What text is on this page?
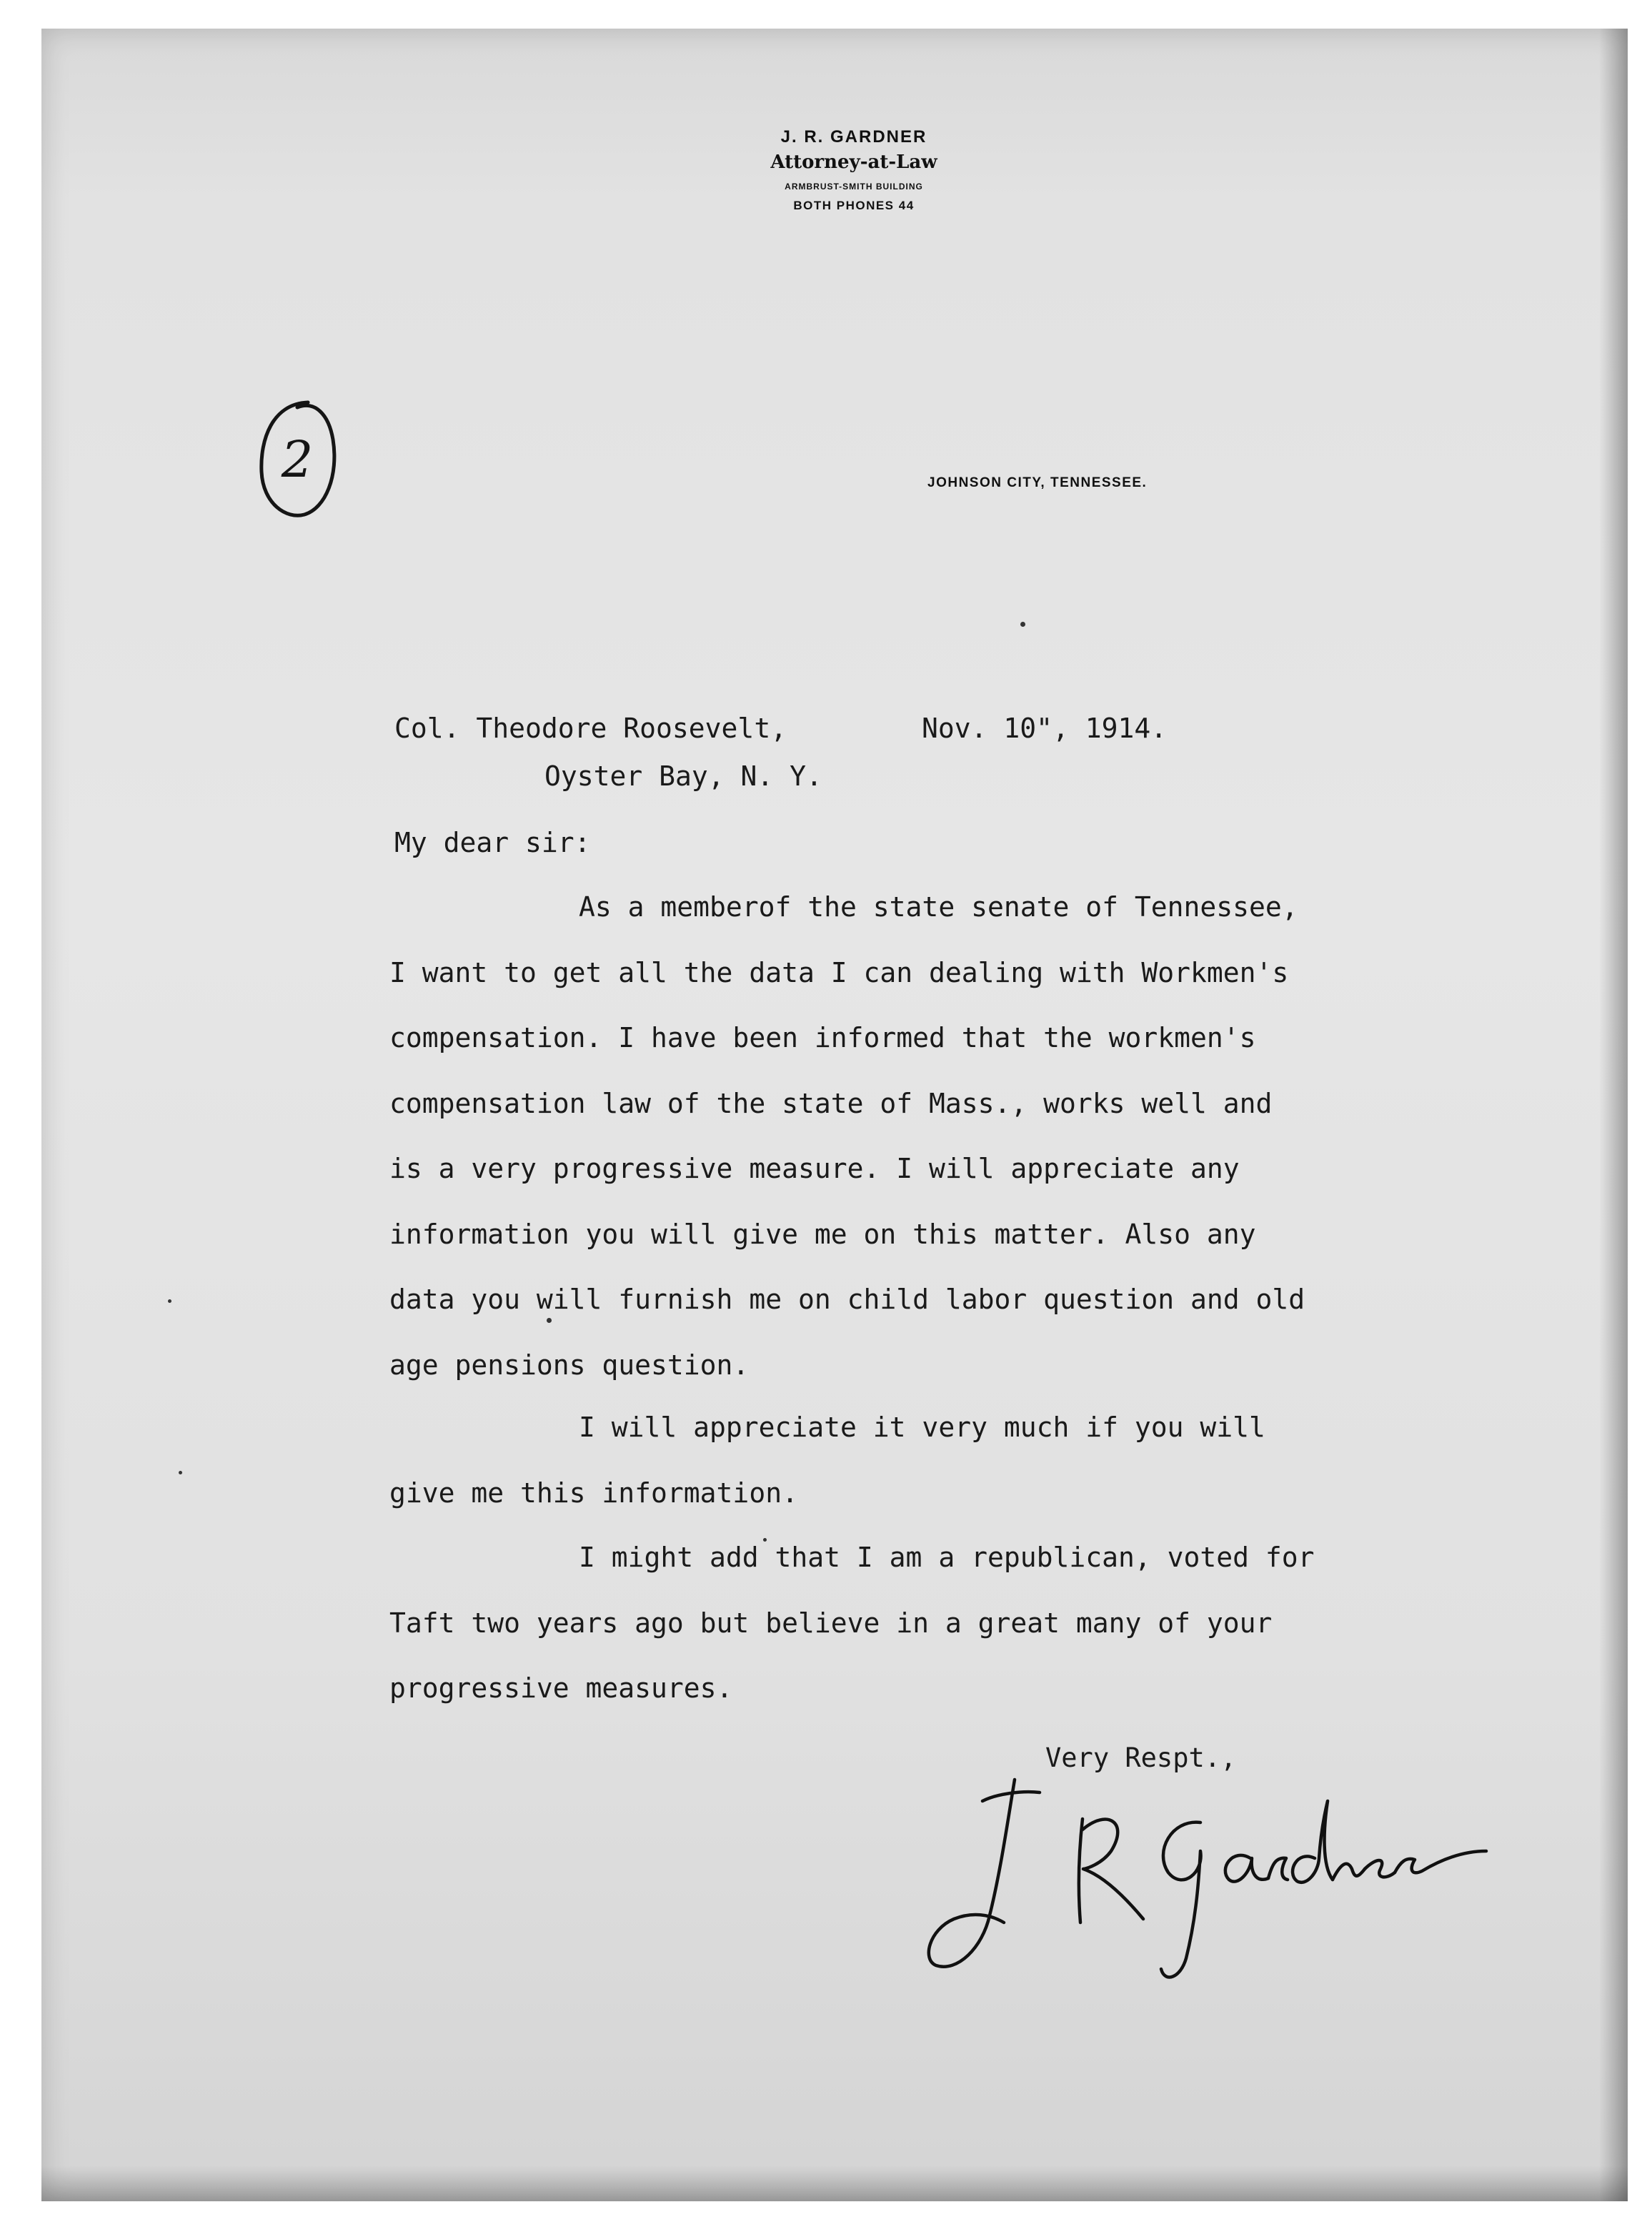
J. R. GARDNER
Attorney-at-Law
ARMBRUST-SMITH BUILDING
BOTH PHONES 44
JOHNSON CITY, TENNESSEE.
2
Col. Theodore Roosevelt,	Nov. 10", 1914.
Oyster Bay, N. Y.
My dear sir:
As a memberof the state senate of Tennessee,
I want to get all the data I can dealing with Workmen's
compensation. I have been informed that the workmen's
compensation law of the state of Mass., works well and
is a very progressive measure. I will appreciate any
information you will give me on this matter. Also any
data you will furnish me on child labor question and old
age pensions question.
I will appreciate it very much if you will
give me this information.
I might add that I am a republican, voted for
Taft two years ago but believe in a great many of your
progressive measures.
Very Respt.,
